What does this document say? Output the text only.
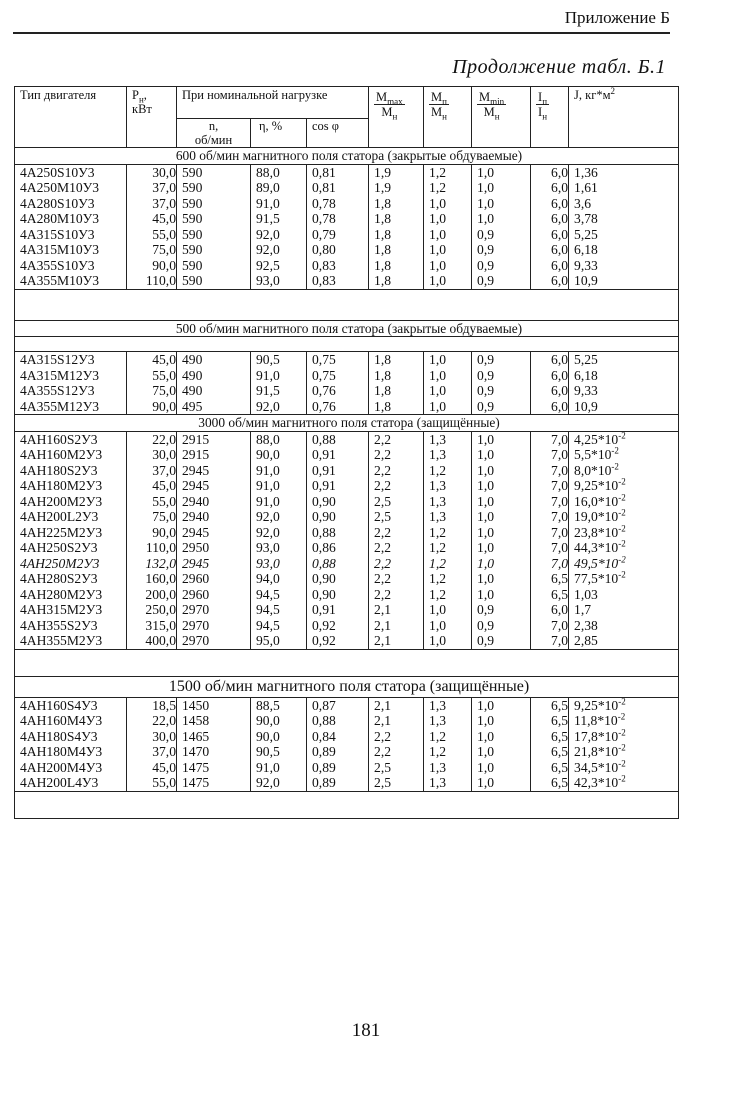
Приложение Б
Продолжение табл. Б.1
Тип двигателя	$P_н$,
кВт	При номинальной нагрузке			$\frac{M_{max}}{M_н}$	$\frac{M_п}{M_н}$	$\frac{M_{min}}{M_н}$	$\frac{I_п}{I_н}$	J, $кг*м^2$
		n,
об/мин	η, %	cos φ					
600 об/мин магнитного поля статора (закрытые обдуваемые)									
4А250S10У3	30,0	590	88,0	0,81	1,9	1,2	1,0	6,0	1,36
4А250М10У3	37,0	590	89,0	0,81	1,9	1,2	1,0	6,0	1,61
4А280S10У3	37,0	590	91,0	0,78	1,8	1,0	1,0	6,0	3,6
4А280М10У3	45,0	590	91,5	0,78	1,8	1,0	1,0	6,0	3,78
4А315S10У3	55,0	590	92,0	0,79	1,8	1,0	0,9	6,0	5,25
4А315М10У3	75,0	590	92,0	0,80	1,8	1,0	0,9	6,0	6,18
4А355S10У3	90,0	590	92,5	0,83	1,8	1,0	0,9	6,0	9,33
4А355М10У3	110,0	590	93,0	0,83	1,8	1,0	0,9	6,0	10,9

500 об/мин магнитного поля статора (закрытые обдуваемые)									

4А315S12У3	45,0	490	90,5	0,75	1,8	1,0	0,9	6,0	5,25
4А315М12У3	55,0	490	91,0	0,75	1,8	1,0	0,9	6,0	6,18
4А355S12У3	75,0	490	91,5	0,76	1,8	1,0	0,9	6,0	9,33
4А355М12У3	90,0	495	92,0	0,76	1,8	1,0	0,9	6,0	10,9
3000 об/мин магнитного поля статора (защищённые)									
4АН160S2У3	22,0	2915	88,0	0,88	2,2	1,3	1,0	7,0	$4,25*10^{-2}$
4АН160М2У3	30,0	2915	90,0	0,91	2,2	1,3	1,0	7,0	$5,5*10^{-2}$
4АН180S2У3	37,0	2945	91,0	0,91	2,2	1,2	1,0	7,0	$8,0*10^{-2}$
4АН180М2У3	45,0	2945	91,0	0,91	2,2	1,3	1,0	7,0	$9,25*10^{-2}$
4АН200М2У3	55,0	2940	91,0	0,90	2,5	1,3	1,0	7,0	$16,0*10^{-2}$
4АН200L2У3	75,0	2940	92,0	0,90	2,5	1,3	1,0	7,0	$19,0*10^{-2}$
4АН225М2У3	90,0	2945	92,0	0,88	2,2	1,2	1,0	7,0	$23,8*10^{-2}$
4АН250S2У3	110,0	2950	93,0	0,86	2,2	1,2	1,0	7,0	$44,3*10^{-2}$
4АН250М2У3	132,0	2945	93,0	0,88	2,2	1,2	1,0	7,0	$49,5*10^{-2}$
4АН280S2У3	160,0	2960	94,0	0,90	2,2	1,2	1,0	6,5	$77,5*10^{-2}$
4АН280М2У3	200,0	2960	94,5	0,90	2,2	1,2	1,0	6,5	1,03
4АН315М2У3	250,0	2970	94,5	0,91	2,1	1,0	0,9	6,0	1,7
4АН355S2У3	315,0	2970	94,5	0,92	2,1	1,0	0,9	7,0	2,38
4АН355М2У3	400,0	2970	95,0	0,92	2,1	1,0	0,9	7,0	2,85

1500 об/мин магнитного поля статора (защищённые)									
4АН160S4У3	18,5	1450	88,5	0,87	2,1	1,3	1,0	6,5	$9,25*10^{-2}$
4АН160М4У3	22,0	1458	90,0	0,88	2,1	1,3	1,0	6,5	$11,8*10^{-2}$
4АН180S4У3	30,0	1465	90,0	0,84	2,2	1,2	1,0	6,5	$17,8*10^{-2}$
4АН180М4У3	37,0	1470	90,5	0,89	2,2	1,2	1,0	6,5	$21,8*10^{-2}$
4АН200М4У3	45,0	1475	91,0	0,89	2,5	1,3	1,0	6,5	$34,5*10^{-2}$
4АН200L4У3	55,0	1475	92,0	0,89	2,5	1,3	1,0	6,5	$42,3*10^{-2}$

181
